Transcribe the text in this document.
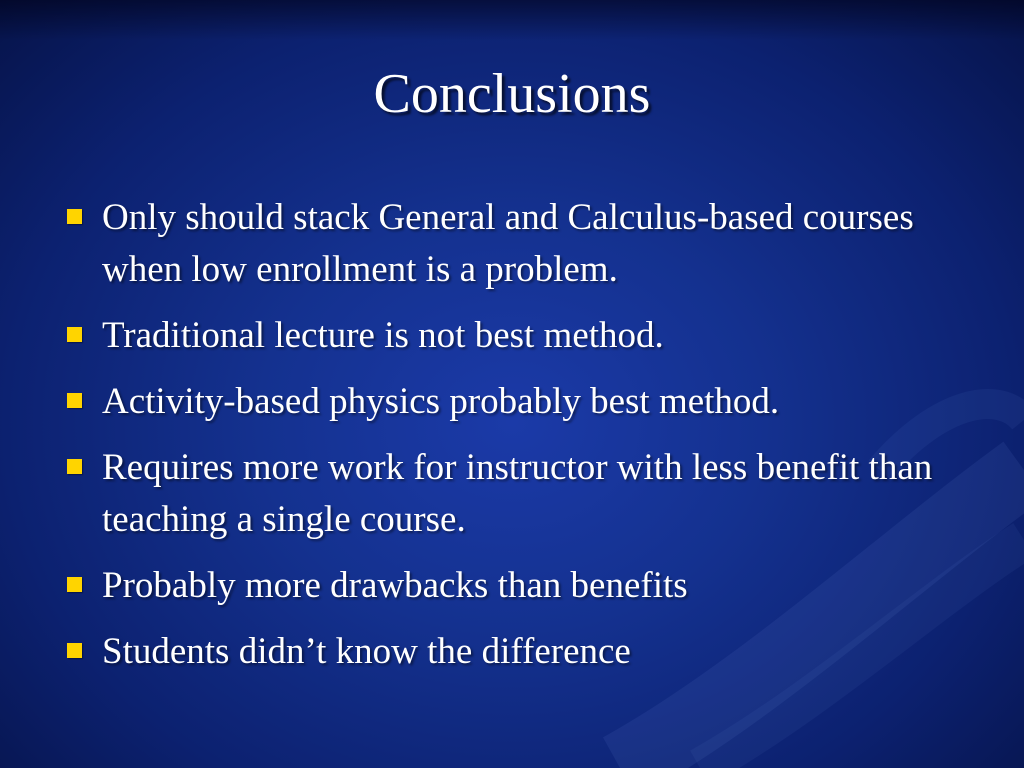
Conclusions
Only should stack General and Calculus-based courses when low enrollment is a problem.
Traditional lecture is not best method.
Activity-based physics probably best method.
Requires more work for instructor with less benefit than teaching a single course.
Probably more drawbacks than benefits
Students didn’t know the difference
